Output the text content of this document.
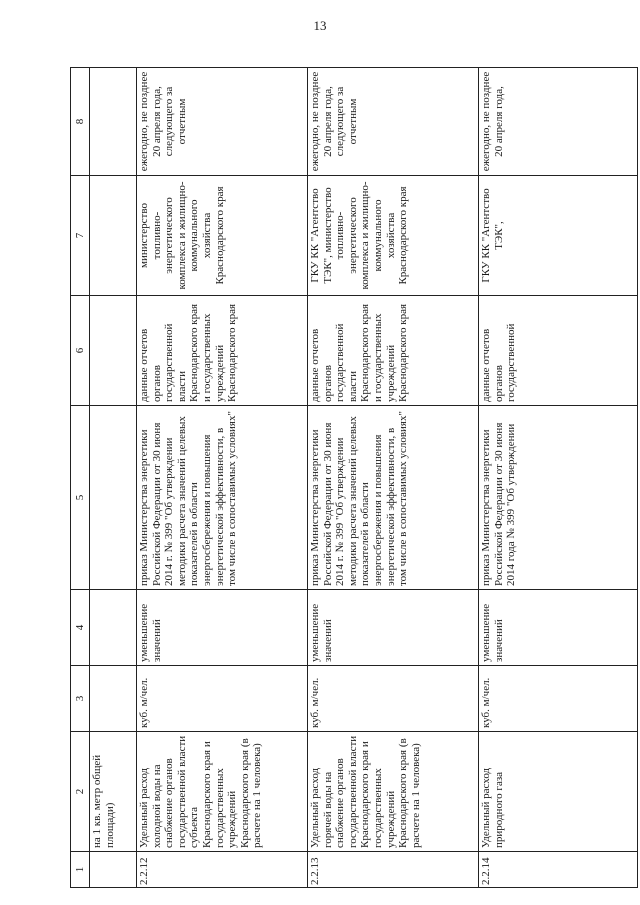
13
1	2	3	4	5	6	7	8
	на 1 кв. метр общей площади)						
2.2.12	Удельный расход холодной воды на снабжение органов государственной власти субъекта Краснодарского края и государственных учреждений Краснодарского края (в расчете на 1 человека)	куб. м/чел.	уменьшение значений	приказ Министерства энергетики Российской Федерации от 30 июня 2014 г. № 399 "Об утверждении методики расчета значений целевых показателей в области энергосбережения и повышения энергетической эффективности, в том числе в сопоставимых условиях"	данные отчетов органов государственной власти Краснодарского края и государственных учреждений Краснодарского края	министерство топливно-энергетического комплекса и жилищно-коммунального хозяйства Краснодарского края	ежегодно, не позднее 20 апреля года, следующего за отчетным
2.2.13	Удельный расход горячей воды на снабжение органов государственной власти Краснодарского края и государственных учреждений Краснодарского края (в расчете на 1 человека)	куб. м/чел.	уменьшение значений	приказ Министерства энергетики Российской Федерации от 30 июня 2014 г. № 399 "Об утверждении методики расчета значений целевых показателей в области энергосбережения и повышения энергетической эффективности, в том числе в сопоставимых условиях"	данные отчетов органов государственной власти Краснодарского края и государственных учреждений Краснодарского края	ГКУ КК "Агентство ТЭК", министерство топливно-энергетического комплекса и жилищно-коммунального хозяйства Краснодарского края	ежегодно, не позднее 20 апреля года, следующего за отчетным
2.2.14	Удельный расход природного газа	куб. м/чел.	уменьшение значений	приказ Министерства энергетики Российской Федерации от 30 июня 2014 года № 399 "Об утверждении	данные отчетов органов государственной	ГКУ КК "Агентство ТЭК",	ежегодно, не позднее 20 апреля года,
